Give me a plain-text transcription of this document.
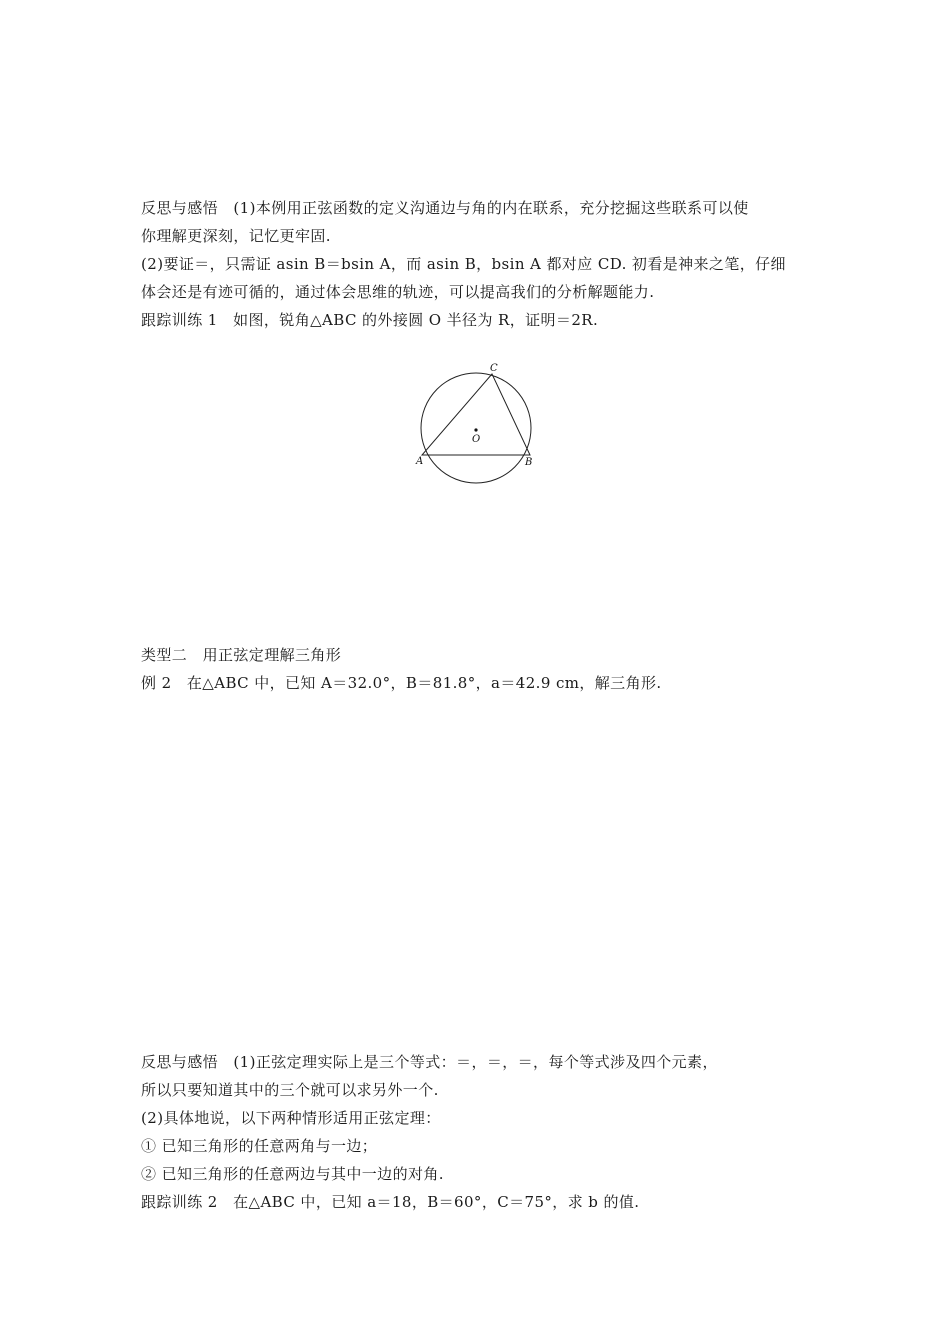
反思与感悟　(1)本例用正弦函数的定义沟通边与角的内在联系，充分挖掘这些联系可以使
你理解更深刻，记忆更牢固.
(2)要证＝，只需证 asin B＝bsin A，而 asin B，bsin A 都对应 CD. 初看是神来之笔，仔细
体会还是有迹可循的，通过体会思维的轨迹，可以提高我们的分析解题能力.
跟踪训练 1　如图，锐角△ABC 的外接圆 O 半径为 R，证明＝2R.
C
A	B
O
类型二　用正弦定理解三角形
例 2　在△ABC 中，已知 A＝32.0°，B＝81.8°，a＝42.9 cm，解三角形.
反思与感悟　(1)正弦定理实际上是三个等式：＝，＝，＝，每个等式涉及四个元素，
所以只要知道其中的三个就可以求另外一个.
(2)具体地说，以下两种情形适用正弦定理：
① 已知三角形的任意两角与一边；
② 已知三角形的任意两边与其中一边的对角.
跟踪训练 2　在△ABC 中，已知 a＝18，B＝60°，C＝75°，求 b 的值.
